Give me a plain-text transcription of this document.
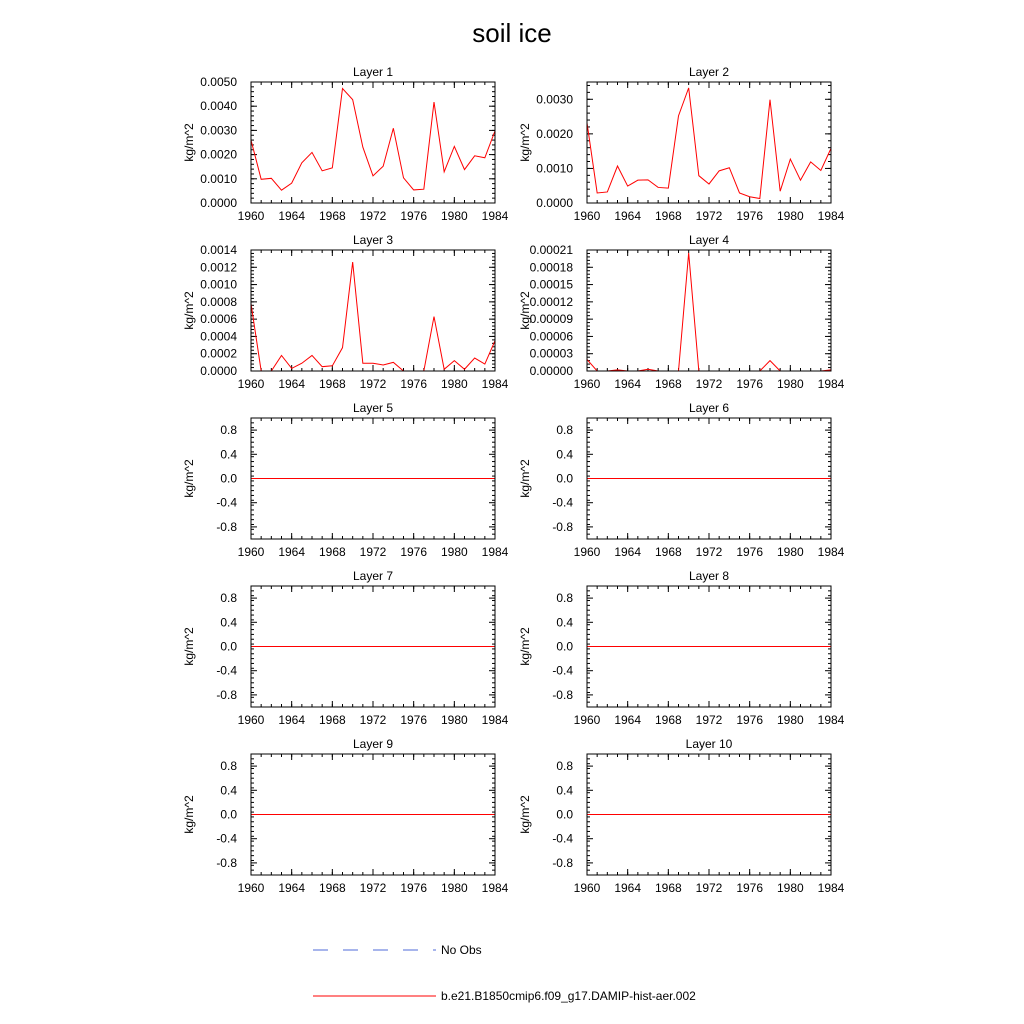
soil ice
Layer 1
kg/m^2
1960 1964 1968 1972 1976 1980 1984
0.0000
0.0010
0.0020
0.0030
0.0040
0.0050
Layer 2
kg/m^2
1960 1964 1968 1972 1976 1980 1984
0.0000
0.0010
0.0020
0.0030
Layer 3
kg/m^2
1960 1964 1968 1972 1976 1980 1984
0.0000
0.0002
0.0004
0.0006
0.0008
0.0010
0.0012
0.0014
Layer 4
kg/m^2
1960 1964 1968 1972 1976 1980 1984
0.00000
0.00003
0.00006
0.00009
0.00012
0.00015
0.00018
0.00021
Layer 5
kg/m^2
1960 1964 1968 1972 1976 1980 1984
-0.8
-0.4
0.0
0.4
0.8
Layer 6
kg/m^2
1960 1964 1968 1972 1976 1980 1984
-0.8
-0.4
0.0
0.4
0.8
Layer 7
kg/m^2
1960 1964 1968 1972 1976 1980 1984
-0.8
-0.4
0.0
0.4
0.8
Layer 8
kg/m^2
1960 1964 1968 1972 1976 1980 1984
-0.8
-0.4
0.0
0.4
0.8
Layer 9
kg/m^2
1960 1964 1968 1972 1976 1980 1984
-0.8
-0.4
0.0
0.4
0.8
Layer 10
kg/m^2
1960 1964 1968 1972 1976 1980 1984
-0.8
-0.4
0.0
0.4
0.8
No Obs
b.e21.B1850cmip6.f09_g17.DAMIP-hist-aer.002
